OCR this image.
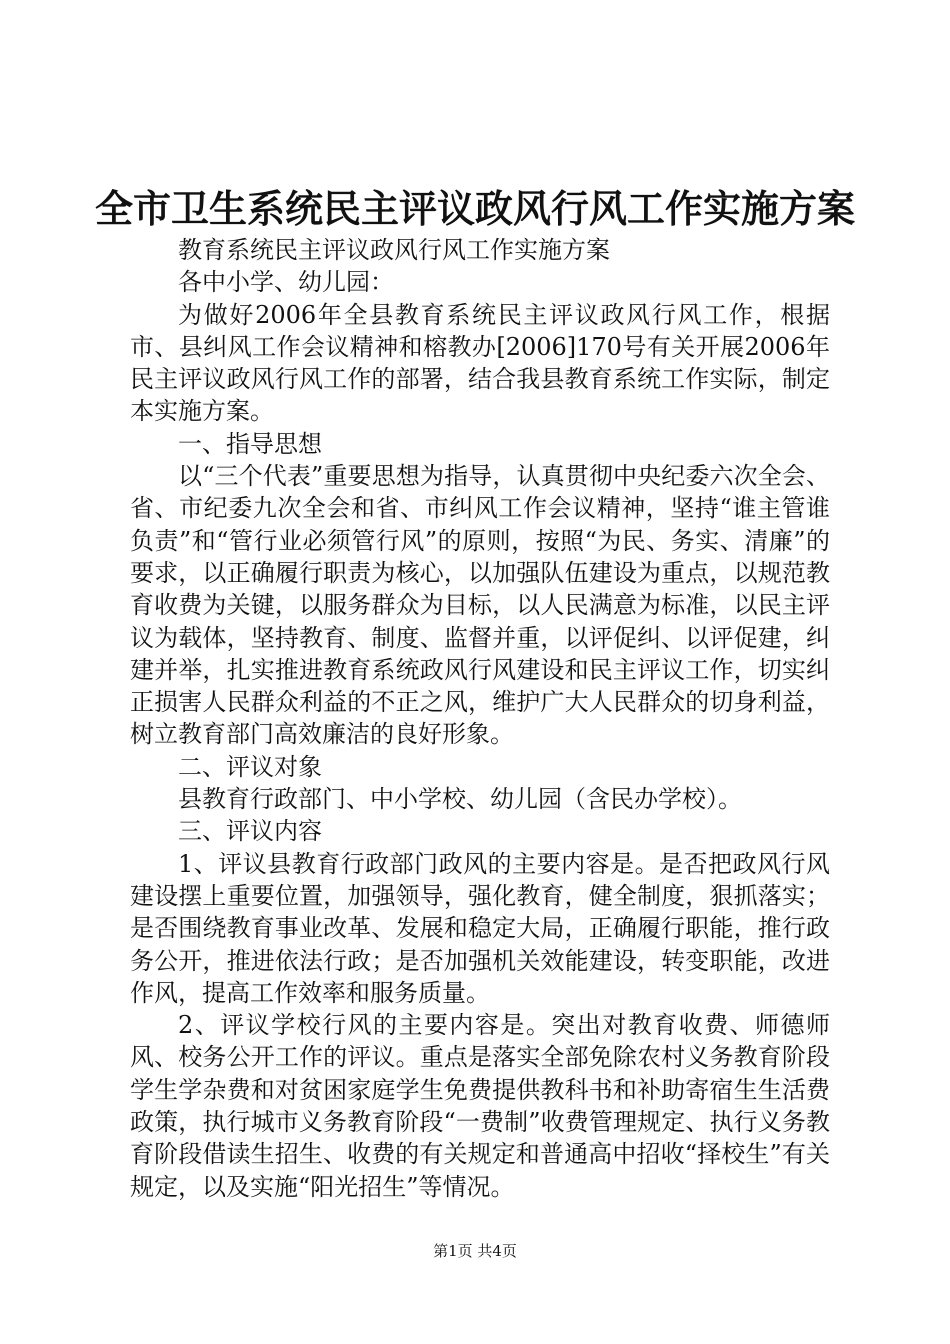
全市卫生系统民主评议政风行风工作实施方案

教育系统民主评议政风行风工作实施方案

各中小学、幼儿园：

为做好2006年全县教育系统民主评议政风行风工作，根据市、县纠风工作会议精神和榕教办[2006]170号有关开展2006年民主评议政风行风工作的部署，结合我县教育系统工作实际，制定本实施方案。

一、指导思想

以“三个代表”重要思想为指导，认真贯彻中央纪委六次全会、省、市纪委九次全会和省、市纠风工作会议精神，坚持“谁主管谁负责”和“管行业必须管行风”的原则，按照“为民、务实、清廉”的要求，以正确履行职责为核心，以加强队伍建设为重点，以规范教育收费为关键，以服务群众为目标，以人民满意为标准，以民主评议为载体，坚持教育、制度、监督并重，以评促纠、以评促建，纠建并举，扎实推进教育系统政风行风建设和民主评议工作，切实纠正损害人民群众利益的不正之风，维护广大人民群众的切身利益，树立教育部门高效廉洁的良好形象。

二、评议对象

县教育行政部门、中小学校、幼儿园（含民办学校）。

三、评议内容

1、评议县教育行政部门政风的主要内容是。是否把政风行风建设摆上重要位置，加强领导，强化教育，健全制度，狠抓落实；是否围绕教育事业改革、发展和稳定大局，正确履行职能，推行政务公开，推进依法行政；是否加强机关效能建设，转变职能，改进作风，提高工作效率和服务质量。

2、评议学校行风的主要内容是。突出对教育收费、师德师风、校务公开工作的评议。重点是落实全部免除农村义务教育阶段学生学杂费和对贫困家庭学生免费提供教科书和补助寄宿生生活费政策，执行城市义务教育阶段“一费制”收费管理规定、执行义务教育阶段借读生招生、收费的有关规定和普通高中招收“择校生”有关规定，以及实施“阳光招生”等情况。

第1页 共4页
